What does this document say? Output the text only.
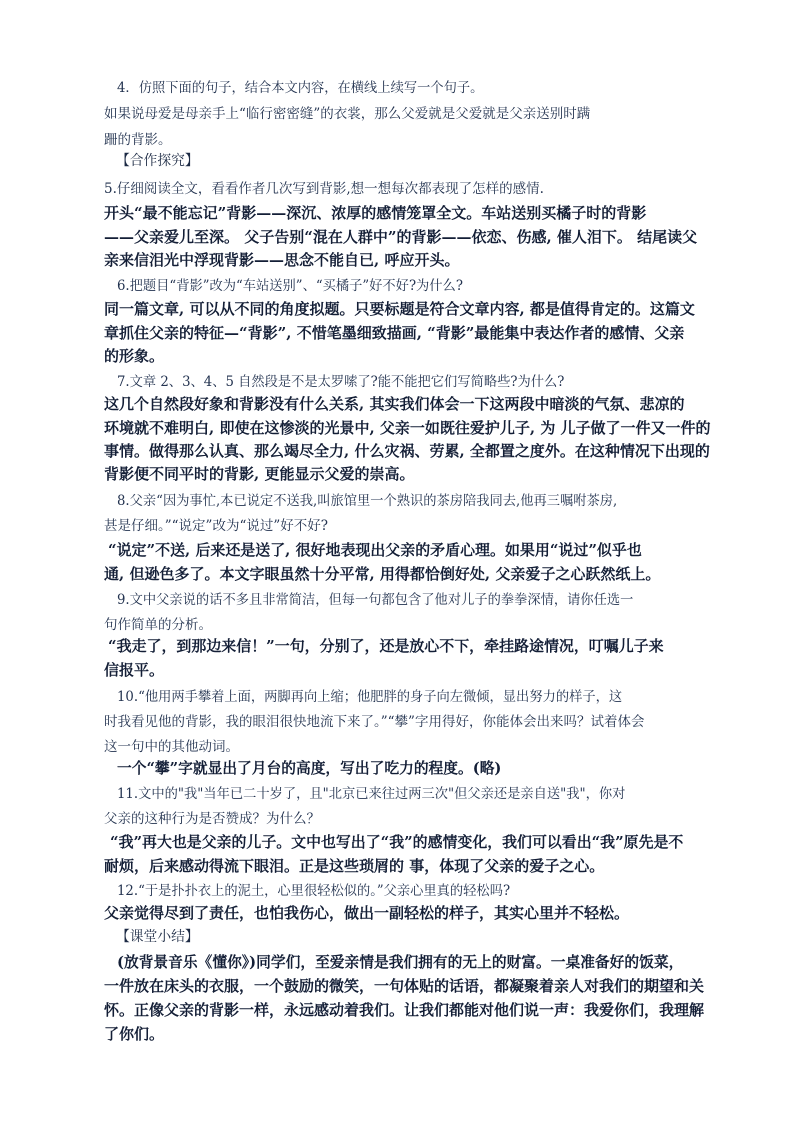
4．仿照下面的句子，结合本文内容，在横线上续写一个句子。
如果说母爱是母亲手上“临行密密缝”的衣裳，那么父爱就是父爱就是父亲送别时蹒
跚的背影。
【合作探究】
5.仔细阅读全文，看看作者几次写到背影,想一想每次都表现了怎样的感情.
开头“最不能忘记”背影——深沉、浓厚的感情笼罩全文。车站送别买橘子时的背影
——父亲爱儿至深。 父子告别“混在人群中”的背影——依恋、伤感, 催人泪下。 结尾读父
亲来信泪光中浮现背影——思念不能自已, 呼应开头。
6.把题目“背影”改为“车站送别”、“买橘子”好不好?为什么?
同一篇文章, 可以从不同的角度拟题。只要标题是符合文章内容, 都是值得肯定的。这篇文
章抓住父亲的特征—“背影”, 不惜笔墨细致描画, “背影”最能集中表达作者的感情、父亲
的形象。
7.文章 2、3、4、5 自然段是不是太罗嗦了?能不能把它们写简略些?为什么?
这几个自然段好象和背影没有什么关系, 其实我们体会一下这两段中暗淡的气氛、悲凉的
环境就不难明白, 即使在这惨淡的光景中, 父亲一如既往爱护儿子, 为 儿子做了一件又一件的
事情。做得那么认真、那么竭尽全力, 什么灾祸、劳累, 全都置之度外。在这种情况下出现的
背影便不同平时的背影, 更能显示父爱的崇高。
8.父亲“因为事忙,本已说定不送我,叫旅馆里一个熟识的茶房陪我同去,他再三嘱咐茶房,
甚是仔细。”“说定”改为“说过”好不好?
“说定”不送, 后来还是送了, 很好地表现出父亲的矛盾心理。如果用“说过”似乎也
通, 但逊色多了。本文字眼虽然十分平常, 用得都恰倒好处, 父亲爱子之心跃然纸上。
9.文中父亲说的话不多且非常简洁，但每一句都包含了他对儿子的拳拳深情，请你任选一
句作简单的分析。
“我走了，到那边来信！”一句，分别了，还是放心不下，牵挂路途情况，叮嘱儿子来
信报平。
10.“他用两手攀着上面，两脚再向上缩；他肥胖的身子向左微倾，显出努力的样子，这
时我看见他的背影，我的眼泪很快地流下来了。”“攀”字用得好，你能体会出来吗？试着体会
这一句中的其他动词。
一个“攀”字就显出了月台的高度，写出了吃力的程度。(略)
11.文中的"我"当年已二十岁了，且"北京已来往过两三次"但父亲还是亲自送"我"，你对
父亲的这种行为是否赞成？为什么？
“我”再大也是父亲的儿子。文中也写出了“我”的感情变化，我们可以看出“我”原先是不
耐烦，后来感动得流下眼泪。正是这些琐屑的 事，体现了父亲的爱子之心。
12.“于是扑扑衣上的泥土，心里很轻松似的。”父亲心里真的轻松吗?
父亲觉得尽到了责任，也怕我伤心，做出一副轻松的样子，其实心里并不轻松。
【课堂小结】
(放背景音乐《懂你》)同学们，至爱亲情是我们拥有的无上的财富。一桌准备好的饭菜，
一件放在床头的衣服，一个鼓励的微笑，一句体贴的话语，都凝聚着亲人对我们的期望和关
怀。正像父亲的背影一样，永远感动着我们。让我们都能对他们说一声：我爱你们，我理解
了你们。
